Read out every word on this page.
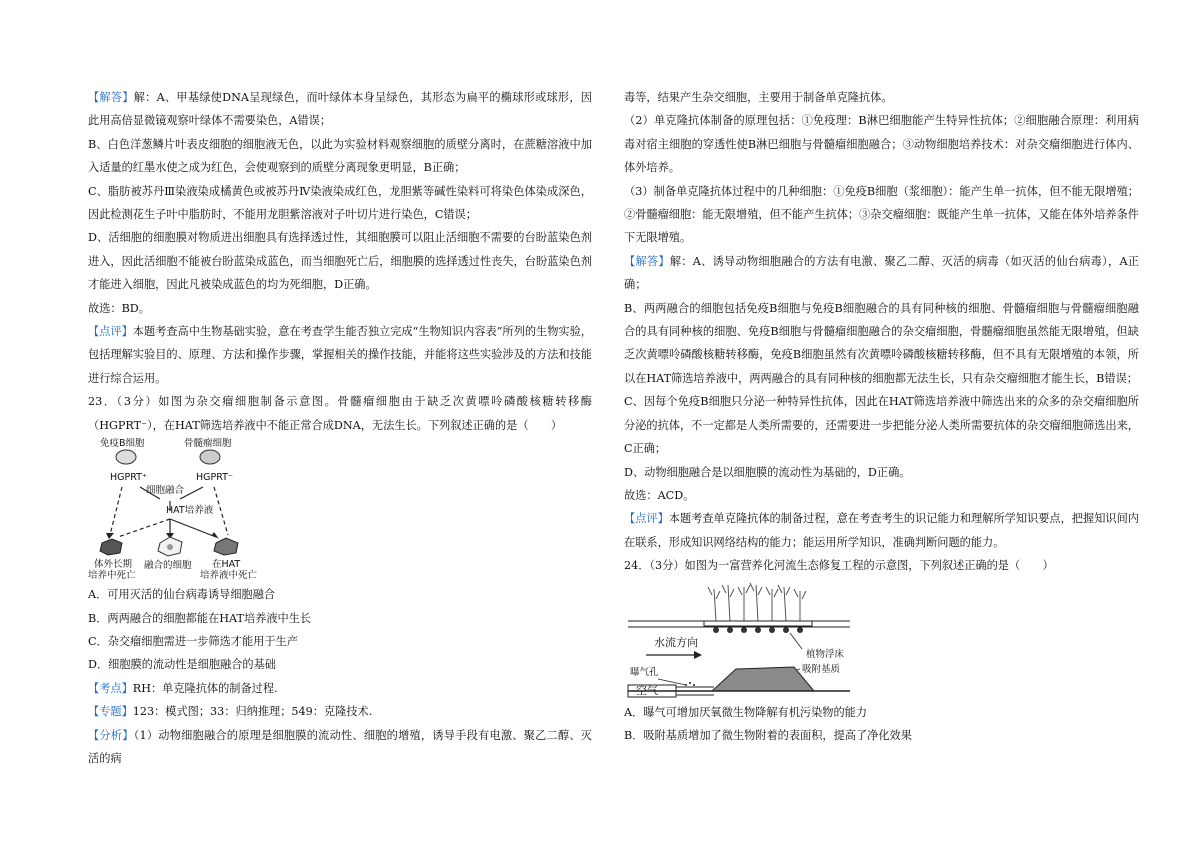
【解答】解：A、甲基绿使DNA呈现绿色，而叶绿体本身呈绿色，其形态为扁平的椭球形或球形，因此用高倍显微镜观察叶绿体不需要染色，A错误；

B、白色洋葱鳞片叶表皮细胞的细胞液无色，以此为实验材料观察细胞的质壁分离时，在蔗糖溶液中加入适量的红墨水使之成为红色，会使观察到的质壁分离现象更明显，B正确；

C、脂肪被苏丹Ⅲ染液染成橘黄色或被苏丹Ⅳ染液染成红色，龙胆紫等碱性染料可将染色体染成深色，因此检测花生子叶中脂肪时，不能用龙胆紫溶液对子叶切片进行染色，C错误；

D、活细胞的细胞膜对物质进出细胞具有选择透过性，其细胞膜可以阻止活细胞不需要的台盼蓝染色剂进入，因此活细胞不能被台盼蓝染成蓝色，而当细胞死亡后，细胞膜的选择透过性丧失，台盼蓝染色剂才能进入细胞，因此凡被染成蓝色的均为死细胞，D正确。

故选：BD。

【点评】本题考查高中生物基础实验，意在考查学生能否独立完成“生物知识内容表”所列的生物实验，包括理解实验目的、原理、方法和操作步骤，掌握相关的操作技能，并能将这些实验涉及的方法和技能进行综合运用。

23．（3分）如图为杂交瘤细胞制备示意图。骨髓瘤细胞由于缺乏次黄嘌呤磷酸核糖转移酶（HGPRT⁻），在HAT筛选培养液中不能正常合成DNA，无法生长。下列叙述正确的是（　　）

免疫B细胞	骨髓瘤细胞
HGPRT⁺	HGPRT⁻
细胞融合
HAT培养液
体外长期
培养中死亡
融合的细胞 在HAT
培养液中死亡

A．可用灭活的仙台病毒诱导细胞融合

B．两两融合的细胞都能在HAT培养液中生长

C．杂交瘤细胞需进一步筛选才能用于生产

D．细胞膜的流动性是细胞融合的基础

【考点】RH：单克隆抗体的制备过程.

【专题】123：模式图；33：归纳推理；549：克隆技术.

【分析】（1）动物细胞融合的原理是细胞膜的流动性、细胞的增殖，诱导手段有电激、聚乙二醇、灭活的病

毒等，结果产生杂交细胞，主要用于制备单克隆抗体。

（2）单克隆抗体制备的原理包括：①免疫理：B淋巴细胞能产生特异性抗体；②细胞融合原理：利用病毒对宿主细胞的穿透性使B淋巴细胞与骨髓瘤细胞融合；③动物细胞培养技术：对杂交瘤细胞进行体内、体外培养。

（3）制备单克隆抗体过程中的几种细胞：①免疫B细胞（浆细胞）：能产生单一抗体，但不能无限增殖；②骨髓瘤细胞：能无限增殖，但不能产生抗体；③杂交瘤细胞：既能产生单一抗体，又能在体外培养条件下无限增殖。

【解答】解：A、诱导动物细胞融合的方法有电激、聚乙二醇、灭活的病毒（如灭活的仙台病毒），A正确；

B、两两融合的细胞包括免疫B细胞与免疫B细胞融合的具有同种核的细胞、骨髓瘤细胞与骨髓瘤细胞融合的具有同种核的细胞、免疫B细胞与骨髓瘤细胞融合的杂交瘤细胞，骨髓瘤细胞虽然能无限增殖，但缺乏次黄嘌呤磷酸核糖转移酶，免疫B细胞虽然有次黄嘌呤磷酸核糖转移酶，但不具有无限增殖的本领，所以在HAT筛选培养液中，两两融合的具有同种核的细胞都无法生长，只有杂交瘤细胞才能生长，B错误；

C、因每个免疫B细胞只分泌一种特异性抗体，因此在HAT筛选培养液中筛选出来的众多的杂交瘤细胞所分泌的抗体，不一定都是人类所需要的，还需要进一步把能分泌人类所需要抗体的杂交瘤细胞筛选出来，C正确；

D、动物细胞融合是以细胞膜的流动性为基础的，D正确。

故选：ACD。

【点评】本题考查单克隆抗体的制备过程，意在考查考生的识记能力和理解所学知识要点，把握知识间内在联系，形成知识网络结构的能力；能运用所学知识，准确判断问题的能力。

24．（3分）如图为一富营养化河流生态修复工程的示意图，下列叙述正确的是（　　）

水流方向
植物浮床
曝气孔	吸附基质
空气

A．曝气可增加厌氧微生物降解有机污染物的能力

B．吸附基质增加了微生物附着的表面积，提高了净化效果
